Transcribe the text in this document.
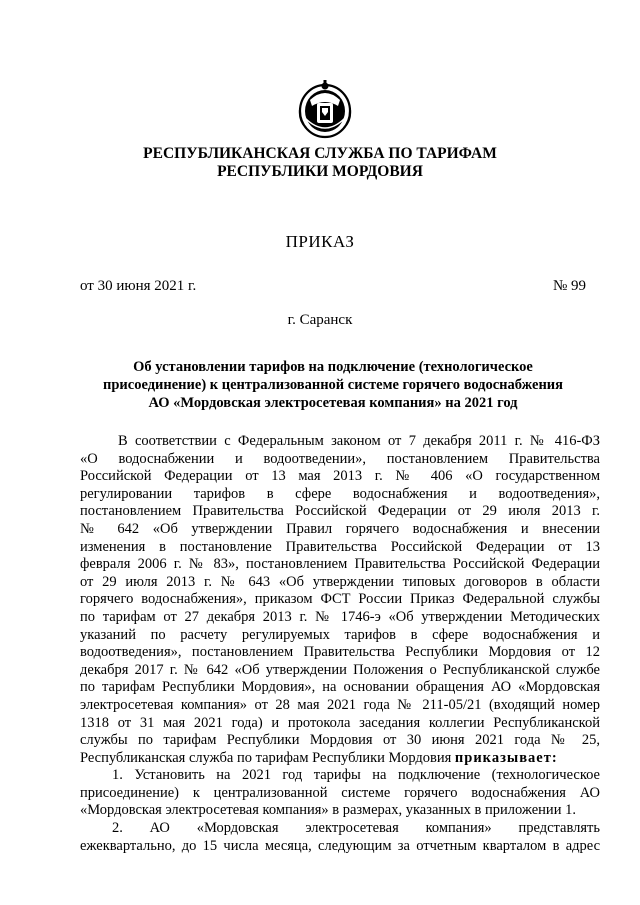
РЕСПУБЛИКАНСКАЯ СЛУЖБА ПО ТАРИФАМ
РЕСПУБЛИКИ МОРДОВИЯ
ПРИКАЗ
от 30 июня 2021 г.	№ 99
г. Саранск
Об установлении тарифов на подключение (технологическое
присоединение) к централизованной системе горячего водоснабжения
АО «Мордовская электросетевая компания» на 2021 год
В соответствии с Федеральным законом от 7 декабря 2011 г. № 416-ФЗ
«О водоснабжении и водоотведении», постановлением Правительства
Российской Федерации от 13 мая 2013 г. № 406 «О государственном
регулировании тарифов в сфере водоснабжения и водоотведения»,
постановлением Правительства Российской Федерации от 29 июля 2013 г.
№ 642 «Об утверждении Правил горячего водоснабжения и внесении
изменения в постановление Правительства Российской Федерации от 13
февраля 2006 г. № 83», постановлением Правительства Российской Федерации
от 29 июля 2013 г. № 643 «Об утверждении типовых договоров в области
горячего водоснабжения», приказом ФСТ России Приказ Федеральной службы
по тарифам от 27 декабря 2013 г. № 1746-э «Об утверждении Методических
указаний по расчету регулируемых тарифов в сфере водоснабжения и
водоотведения», постановлением Правительства Республики Мордовия от 12
декабря 2017 г. № 642 «Об утверждении Положения о Республиканской службе
по тарифам Республики Мордовия», на основании обращения АО «Мордовская
электросетевая компания» от 28 мая 2021 года № 211-05/21 (входящий номер
1318 от 31 мая 2021 года) и протокола заседания коллегии Республиканской
службы по тарифам Республики Мордовия от 30 июня 2021 года № 25,
Республиканская служба по тарифам Республики Мордовия приказывает:
1. Установить на 2021 год тарифы на подключение (технологическое
присоединение) к централизованной системе горячего водоснабжения АО
«Мордовская электросетевая компания» в размерах, указанных в приложении 1.
2. АО «Мордовская электросетевая компания» представлять
ежеквартально, до 15 числа месяца, следующим за отчетным кварталом в адрес
